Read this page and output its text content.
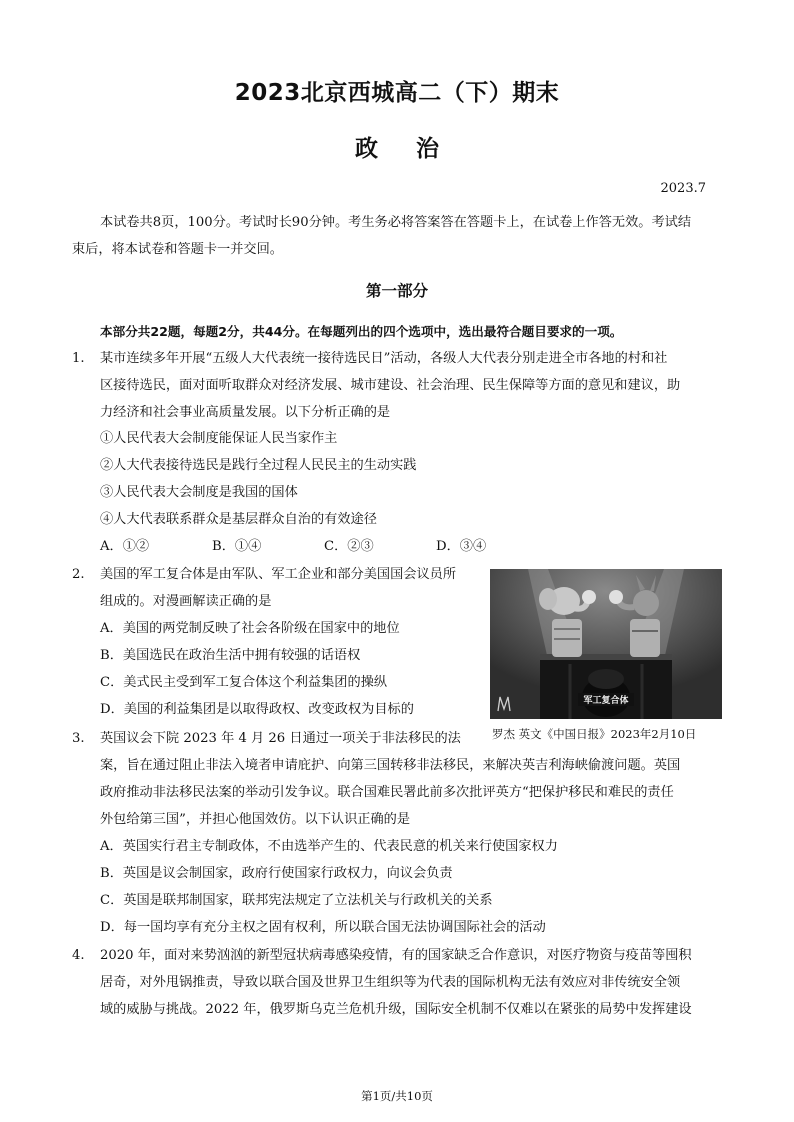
2023北京西城高二（下）期末
政治
2023.7
本试卷共8页，100分。考试时长90分钟。考生务必将答案答在答题卡上，在试卷上作答无效。考试结
束后，将本试卷和答题卡一并交回。
第一部分
本部分共22题，每题2分，共44分。在每题列出的四个选项中，选出最符合题目要求的一项。
1. 某市连续多年开展“五级人大代表统一接待选民日”活动，各级人大代表分别走进全市各地的村和社
区接待选民，面对面听取群众对经济发展、城市建设、社会治理、民生保障等方面的意见和建议，助
力经济和社会事业高质量发展。以下分析正确的是
①人民代表大会制度能保证人民当家作主
②人大代表接待选民是践行全过程人民民主的生动实践
③人民代表大会制度是我国的国体
④人大代表联系群众是基层群众自治的有效途径
A．①②	B．①④	C．②③	D．③④
2. 美国的军工复合体是由军队、军工企业和部分美国国会议员所
组成的。对漫画解读正确的是
A．美国的两党制反映了社会各阶级在国家中的地位
B．美国选民在政治生活中拥有较强的话语权
C．美式民主受到军工复合体这个利益集团的操纵
D．美国的利益集团是以取得政权、改变政权为目标的
军工复合体
罗杰 英文《中国日报》2023年2月10日
3. 英国议会下院 2023 年 4 月 26 日通过一项关于非法移民的法
案，旨在通过阻止非法入境者申请庇护、向第三国转移非法移民，来解决英吉利海峡偷渡问题。英国
政府推动非法移民法案的举动引发争议。联合国难民署此前多次批评英方“把保护移民和难民的责任
外包给第三国”，并担心他国效仿。以下认识正确的是
A．英国实行君主专制政体，不由选举产生的、代表民意的机关来行使国家权力
B．英国是议会制国家，政府行使国家行政权力，向议会负责
C．英国是联邦制国家，联邦宪法规定了立法机关与行政机关的关系
D．每一国均享有充分主权之固有权利，所以联合国无法协调国际社会的活动
4. 2020 年，面对来势汹汹的新型冠状病毒感染疫情，有的国家缺乏合作意识，对医疗物资与疫苗等囤积
居奇，对外甩锅推责，导致以联合国及世界卫生组织等为代表的国际机构无法有效应对非传统安全领
域的威胁与挑战。2022 年，俄罗斯乌克兰危机升级，国际安全机制不仅难以在紧张的局势中发挥建设
第1页/共10页
